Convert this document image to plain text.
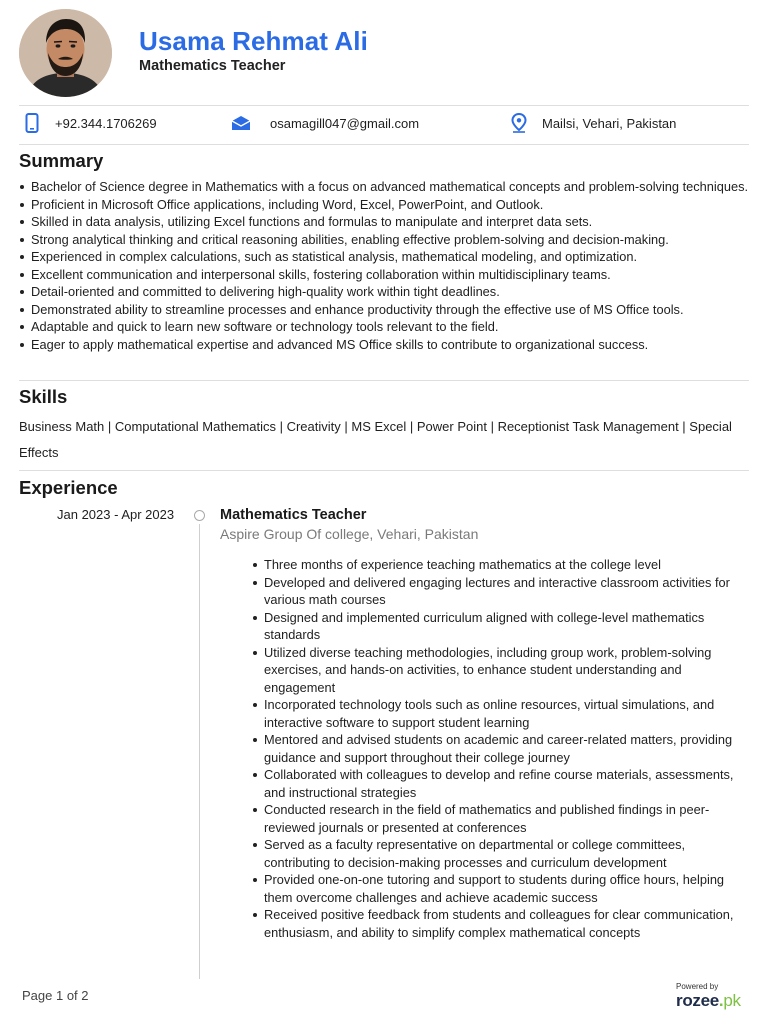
Usama Rehmat Ali
Mathematics Teacher
+92.344.1706269	osamagill047@gmail.com	Mailsi, Vehari, Pakistan
Summary
Bachelor of Science degree in Mathematics with a focus on advanced mathematical concepts and problem-solving techniques.
Proficient in Microsoft Office applications, including Word, Excel, PowerPoint, and Outlook.
Skilled in data analysis, utilizing Excel functions and formulas to manipulate and interpret data sets.
Strong analytical thinking and critical reasoning abilities, enabling effective problem-solving and decision-making.
Experienced in complex calculations, such as statistical analysis, mathematical modeling, and optimization.
Excellent communication and interpersonal skills, fostering collaboration within multidisciplinary teams.
Detail-oriented and committed to delivering high-quality work within tight deadlines.
Demonstrated ability to streamline processes and enhance productivity through the effective use of MS Office tools.
Adaptable and quick to learn new software or technology tools relevant to the field.
Eager to apply mathematical expertise and advanced MS Office skills to contribute to organizational success.
Skills
Business Math | Computational Mathematics | Creativity | MS Excel | Power Point | Receptionist Task Management | Special Effects
Experience
Jan 2023 - Apr 2023	Mathematics Teacher
Aspire Group Of college, Vehari, Pakistan
Three months of experience teaching mathematics at the college level
Developed and delivered engaging lectures and interactive classroom activities for various math courses
Designed and implemented curriculum aligned with college-level mathematics standards
Utilized diverse teaching methodologies, including group work, problem-solving exercises, and hands-on activities, to enhance student understanding and engagement
Incorporated technology tools such as online resources, virtual simulations, and interactive software to support student learning
Mentored and advised students on academic and career-related matters, providing guidance and support throughout their college journey
Collaborated with colleagues to develop and refine course materials, assessments, and instructional strategies
Conducted research in the field of mathematics and published findings in peer-reviewed journals or presented at conferences
Served as a faculty representative on departmental or college committees, contributing to decision-making processes and curriculum development
Provided one-on-one tutoring and support to students during office hours, helping them overcome challenges and achieve academic success
Received positive feedback from students and colleagues for clear communication, enthusiasm, and ability to simplify complex mathematical concepts
Page 1 of 2
Powered by
rozee.pk
